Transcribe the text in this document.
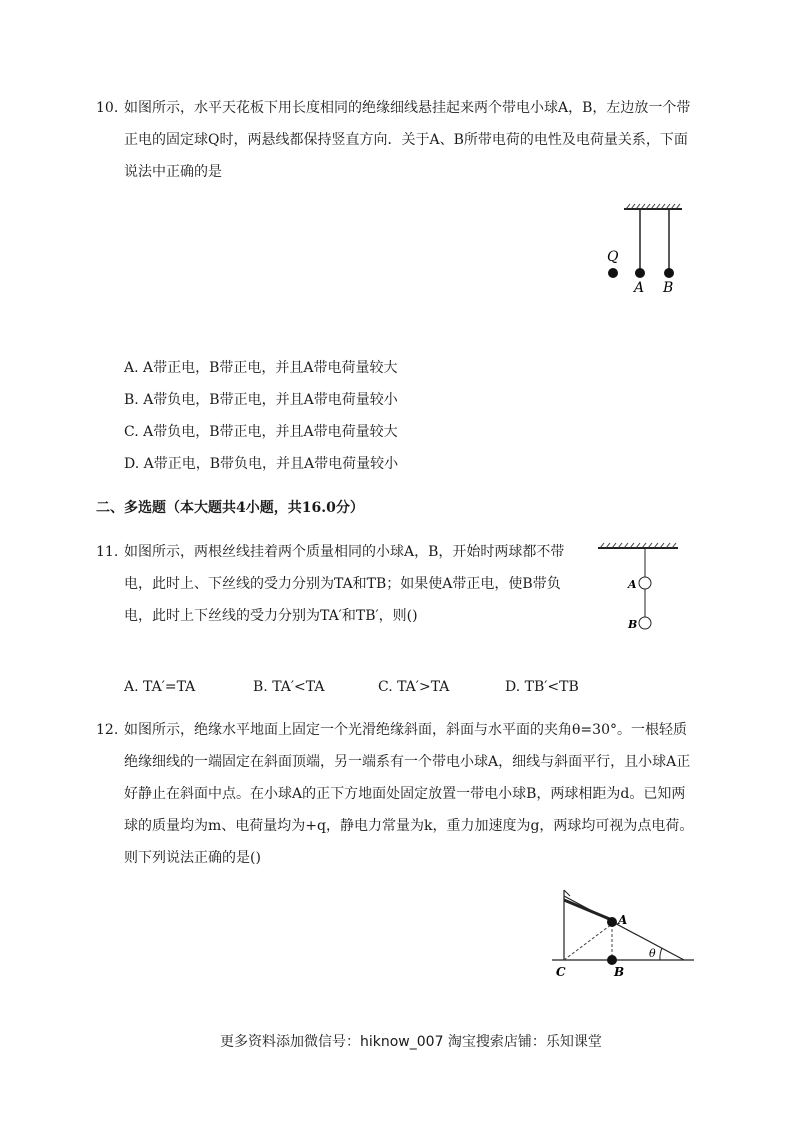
10. 如图所示，水平天花板下用长度相同的绝缘细线悬挂起来两个带电小球A，B，左边放一个带
正电的固定球Q时，两悬线都保持竖直方向．关于A、B所带电荷的电性及电荷量关系，下面
说法中正确的是
Q
A B
A. A带正电，B带正电，并且A带电荷量较大
B. A带负电，B带正电，并且A带电荷量较小
C. A带负电，B带正电，并且A带电荷量较大
D. A带正电，B带负电，并且A带电荷量较小
二、多选题（本大题共4小题，共16.0分）
11. 如图所示，两根丝线挂着两个质量相同的小球A，B，开始时两球都不带
电，此时上、下丝线的受力分别为TA和TB；如果使A带正电，使B带负
电，此时上下丝线的受力分别为TA′和TB′，则()
A
B
A. TA′=TA	B. TA′<TA	C. TA′>TA	D. TB′<TB
12. 如图所示，绝缘水平地面上固定一个光滑绝缘斜面，斜面与水平面的夹角θ=30°。一根轻质
绝缘细线的一端固定在斜面顶端，另一端系有一个带电小球A，细线与斜面平行，且小球A正
好静止在斜面中点。在小球A的正下方地面处固定放置一带电小球B，两球相距为d。已知两
球的质量均为m、电荷量均为+q，静电力常量为k，重力加速度为g，两球均可视为点电荷。
则下列说法正确的是()
A
B
C
θ
更多资料添加微信号：hiknow_007 淘宝搜索店铺：乐知课堂
